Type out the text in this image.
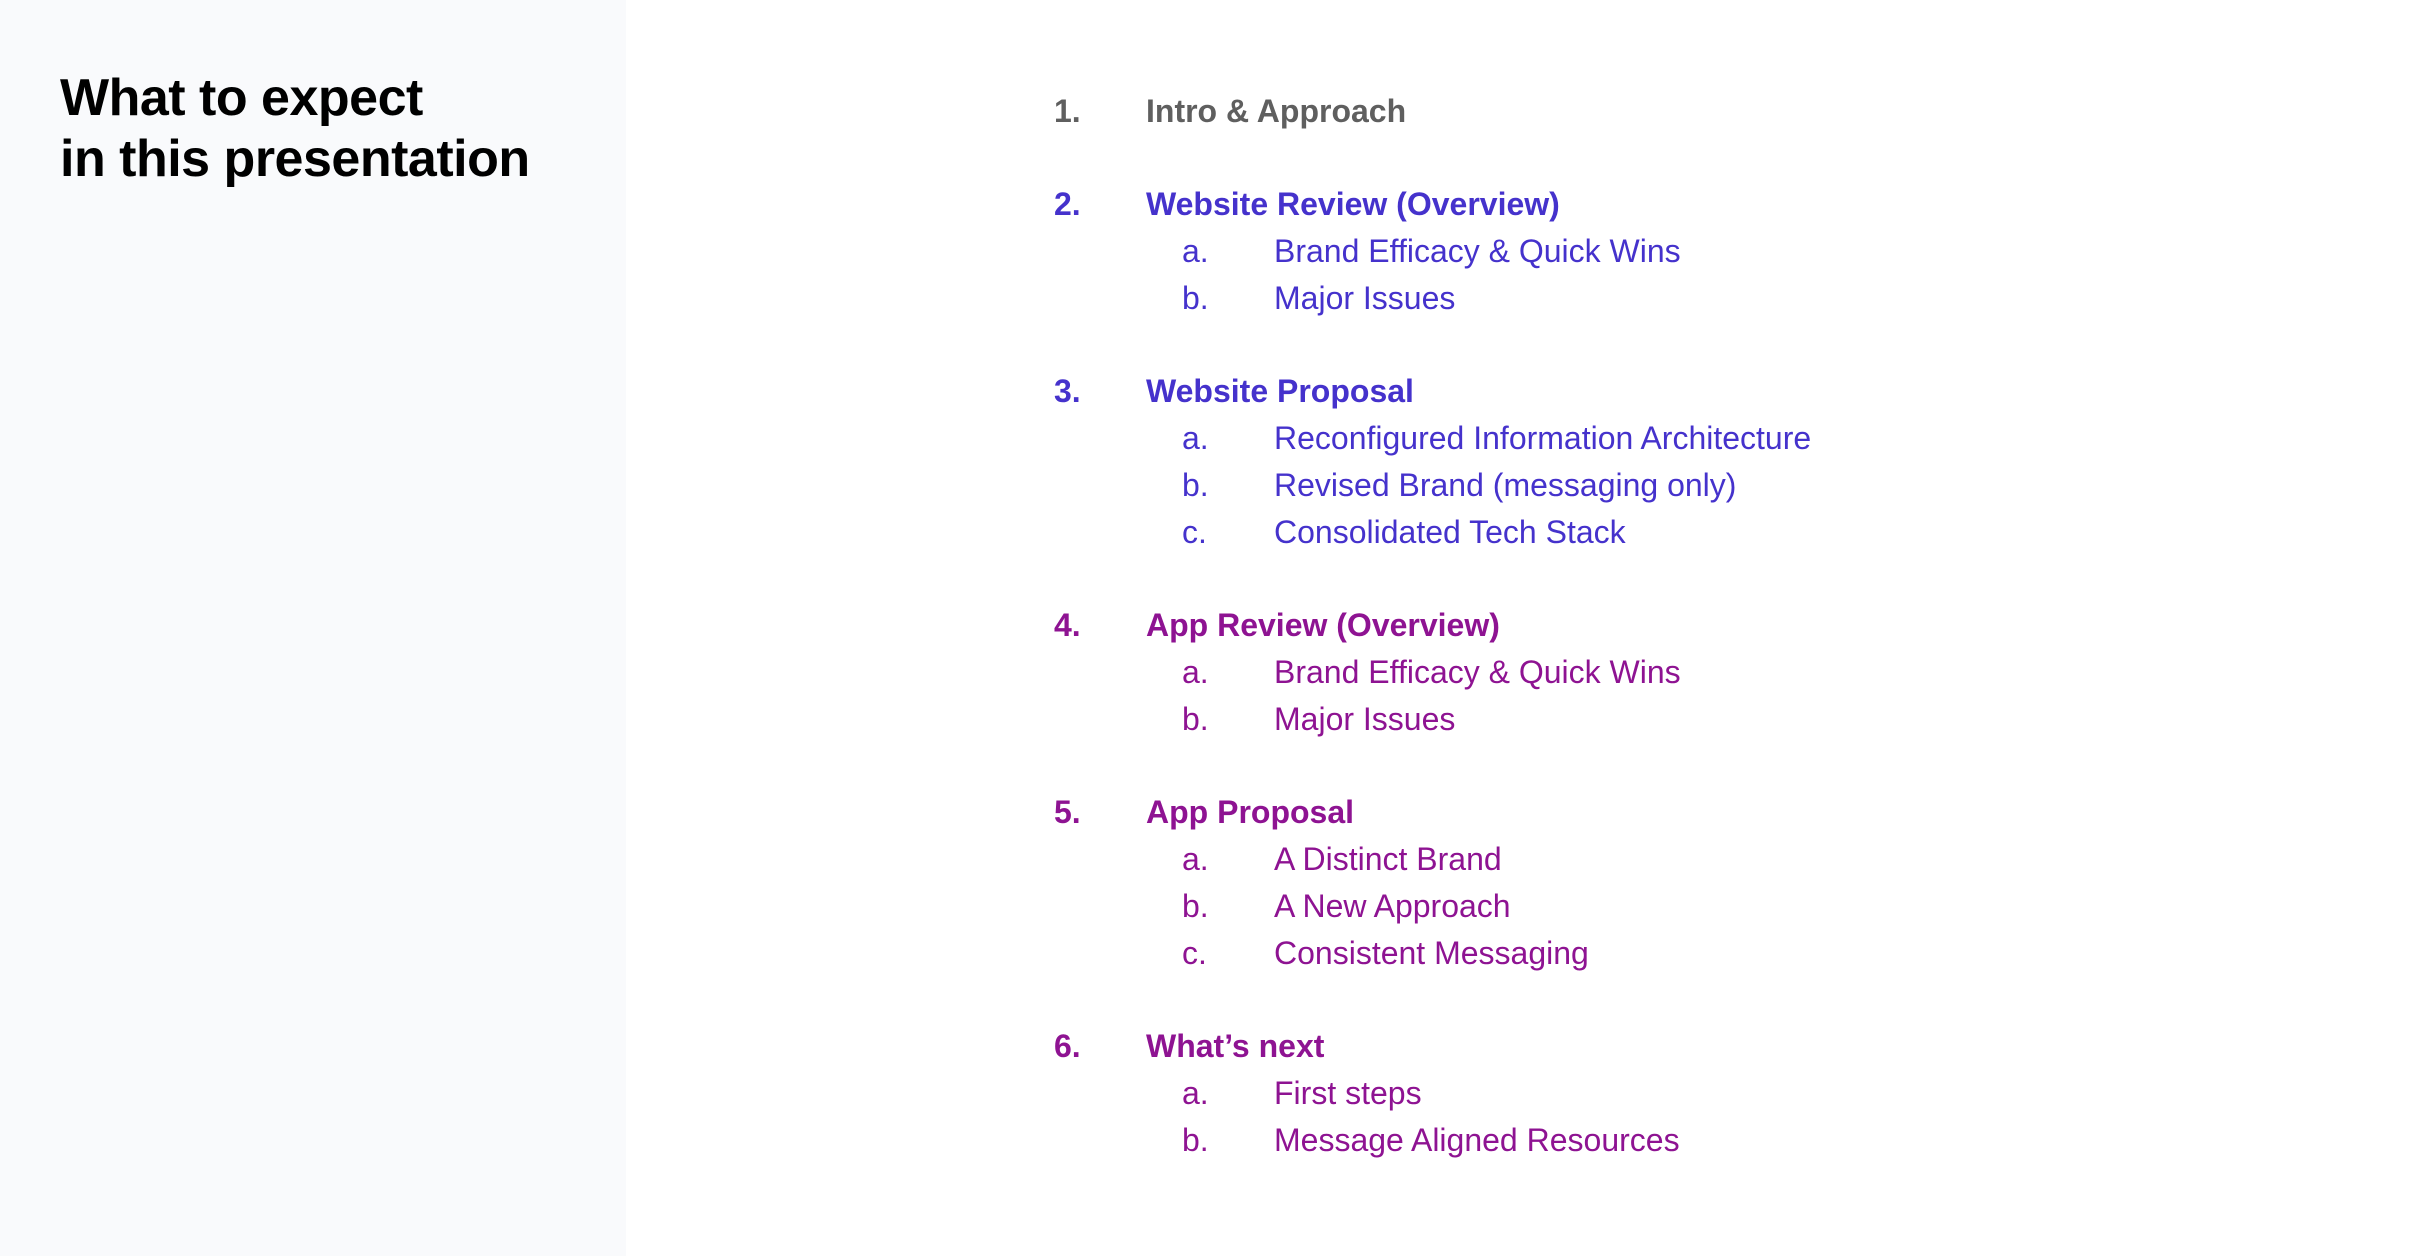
What to expect
in this presentation
1. Intro & Approach
2. Website Review (Overview)
a. Brand Efficacy & Quick Wins
b. Major Issues
3. Website Proposal
a. Reconfigured Information Architecture
b. Revised Brand (messaging only)
c. Consolidated Tech Stack
4. App Review (Overview)
a. Brand Efficacy & Quick Wins
b. Major Issues
5. App Proposal
a. A Distinct Brand
b. A New Approach
c. Consistent Messaging
6. What’s next
a. First steps
b. Message Aligned Resources
